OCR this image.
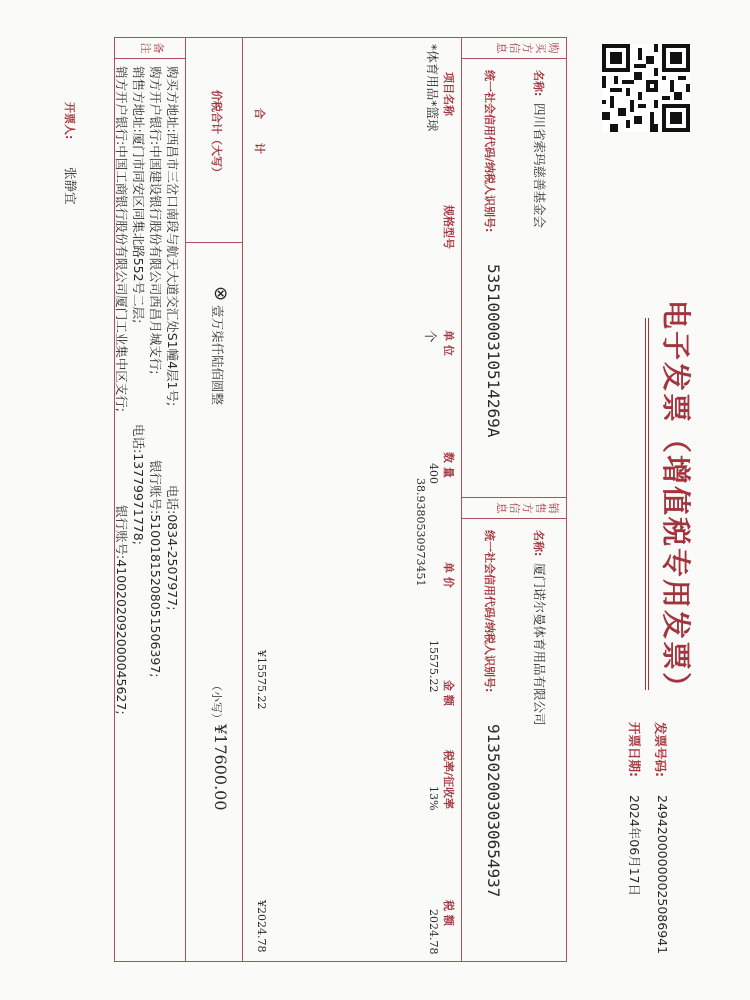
电子发票（增值税专用发票）
发票号码:
24942000000025086941
开票日期:
2024年06月17日
购买方信息
名称:
四川省索玛慈善基金会
统一社会信用代码/纳税人识别号:
53510000310514269A
销售方信息
名称:
厦门诺尔曼体育用品有限公司
统一社会信用代码/纳税人识别号:
91350200303065493​7
项目名称
规格型号
单 位
数 量
单 价
金 额
税率/征收率
税 额
*体育用品*篮球
个
400
38.9380530973451
15575.22
13%
2024.78
合 计
¥15575.22
¥2024.78
价税合计（大写）
⊗
壹万柒仟陆佰圆整
（小写）
¥17600.00
备注
购买方地址:西昌市三岔口南段与航天大道交汇处S1幢4层1号;
电话:0834-2507977;
购方开户银行:中国建设银行股份有限公司西昌月城支行;
银行账号:51001815208051506397;
销售方地址:厦门市同安区同集北路552号二层;
电话:13779971778;
销方开户银行:中国工商银行股份有限公司厦门工业集中区支行;
银行账号:4100202092000045627;
开票人:
张静宜
